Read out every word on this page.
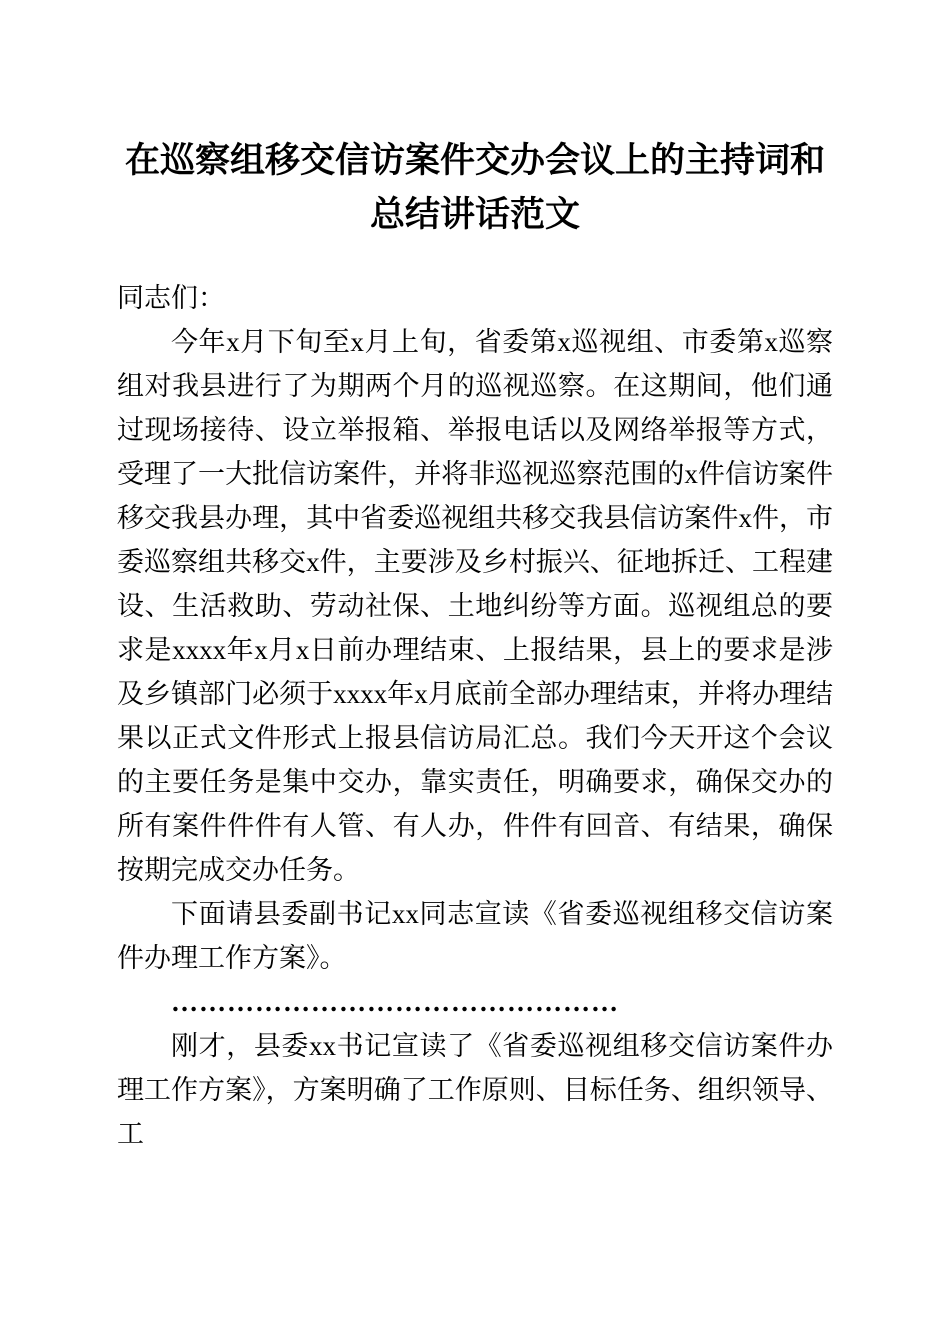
在巡察组移交信访案件交办会议上的主持词和总结讲话范文

同志们：

今年x月下旬至x月上旬，省委第x巡视组、市委第x巡察组对我县进行了为期两个月的巡视巡察。在这期间，他们通过现场接待、设立举报箱、举报电话以及网络举报等方式，受理了一大批信访案件，并将非巡视巡察范围的x件信访案件移交我县办理，其中省委巡视组共移交我县信访案件x件，市委巡察组共移交x件，主要涉及乡村振兴、征地拆迁、工程建设、生活救助、劳动社保、土地纠纷等方面。巡视组总的要求是xxxx年x月x日前办理结束、上报结果，县上的要求是涉及乡镇部门必须于xxxx年x月底前全部办理结束，并将办理结果以正式文件形式上报县信访局汇总。我们今天开这个会议的主要任务是集中交办，靠实责任，明确要求，确保交办的所有案件件件有人管、有人办，件件有回音、有结果，确保按期完成交办任务。

下面请县委副书记xx同志宣读《省委巡视组移交信访案件办理工作方案》。

…………………………………………

刚才，县委xx书记宣读了《省委巡视组移交信访案件办理工作方案》，方案明确了工作原则、目标任务、组织领导、工
